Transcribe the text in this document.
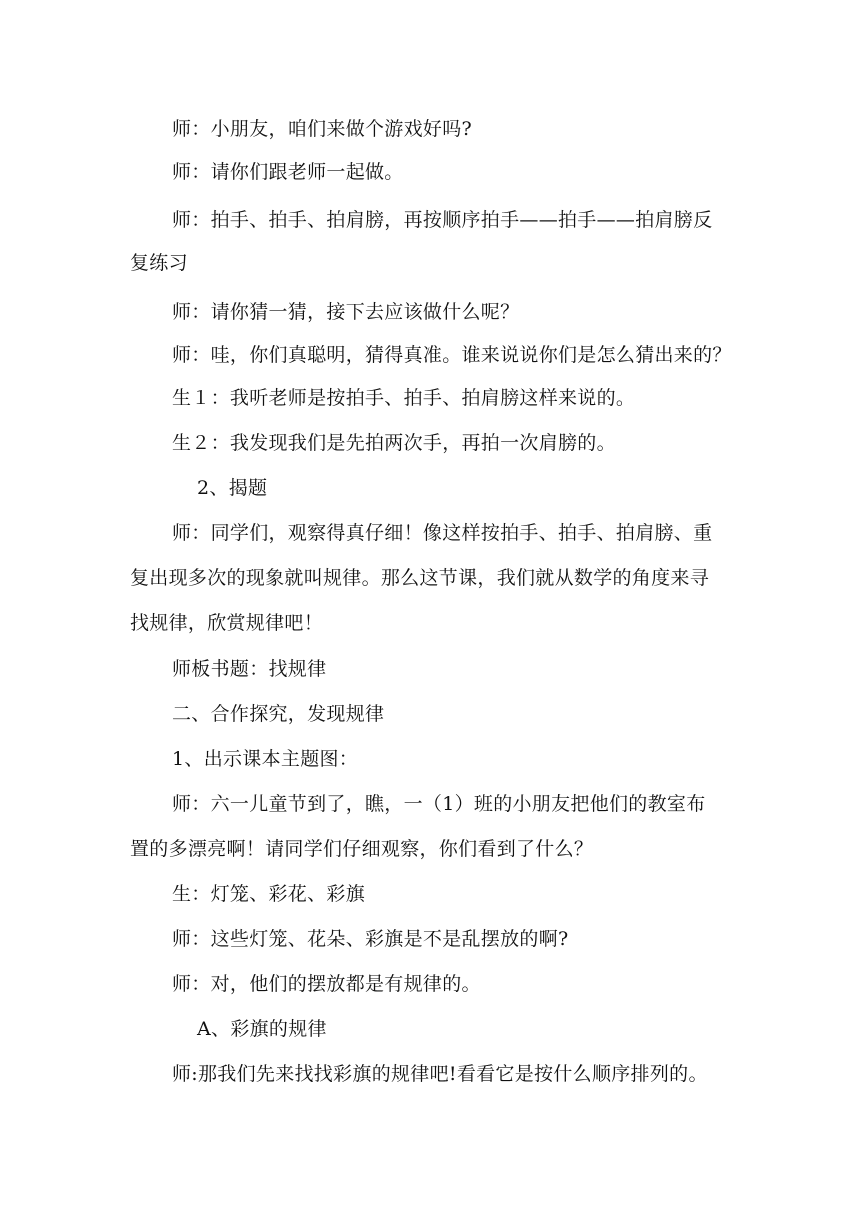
师：小朋友，咱们来做个游戏好吗?
师：请你们跟老师一起做。
师：拍手、拍手、拍肩膀，再按顺序拍手——拍手——拍肩膀反
复练习
师：请你猜一猜，接下去应该做什么呢？
师：哇，你们真聪明，猜得真准。谁来说说你们是怎么猜出来的？
生１：我听老师是按拍手、拍手、拍肩膀这样来说的。
生２：我发现我们是先拍两次手，再拍一次肩膀的。
2、揭题
师：同学们，观察得真仔细！像这样按拍手、拍手、拍肩膀、重
复出现多次的现象就叫规律。那么这节课，我们就从数学的角度来寻
找规律，欣赏规律吧！
师板书题：找规律
二、合作探究，发现规律
1、出示课本主题图：
师：六一儿童节到了，瞧，一（1）班的小朋友把他们的教室布
置的多漂亮啊！请同学们仔细观察，你们看到了什么？
生：灯笼、彩花、彩旗
师：这些灯笼、花朵、彩旗是不是乱摆放的啊?
师：对，他们的摆放都是有规律的。
A、彩旗的规律
师:那我们先来找找彩旗的规律吧!看看它是按什么顺序排列的。
